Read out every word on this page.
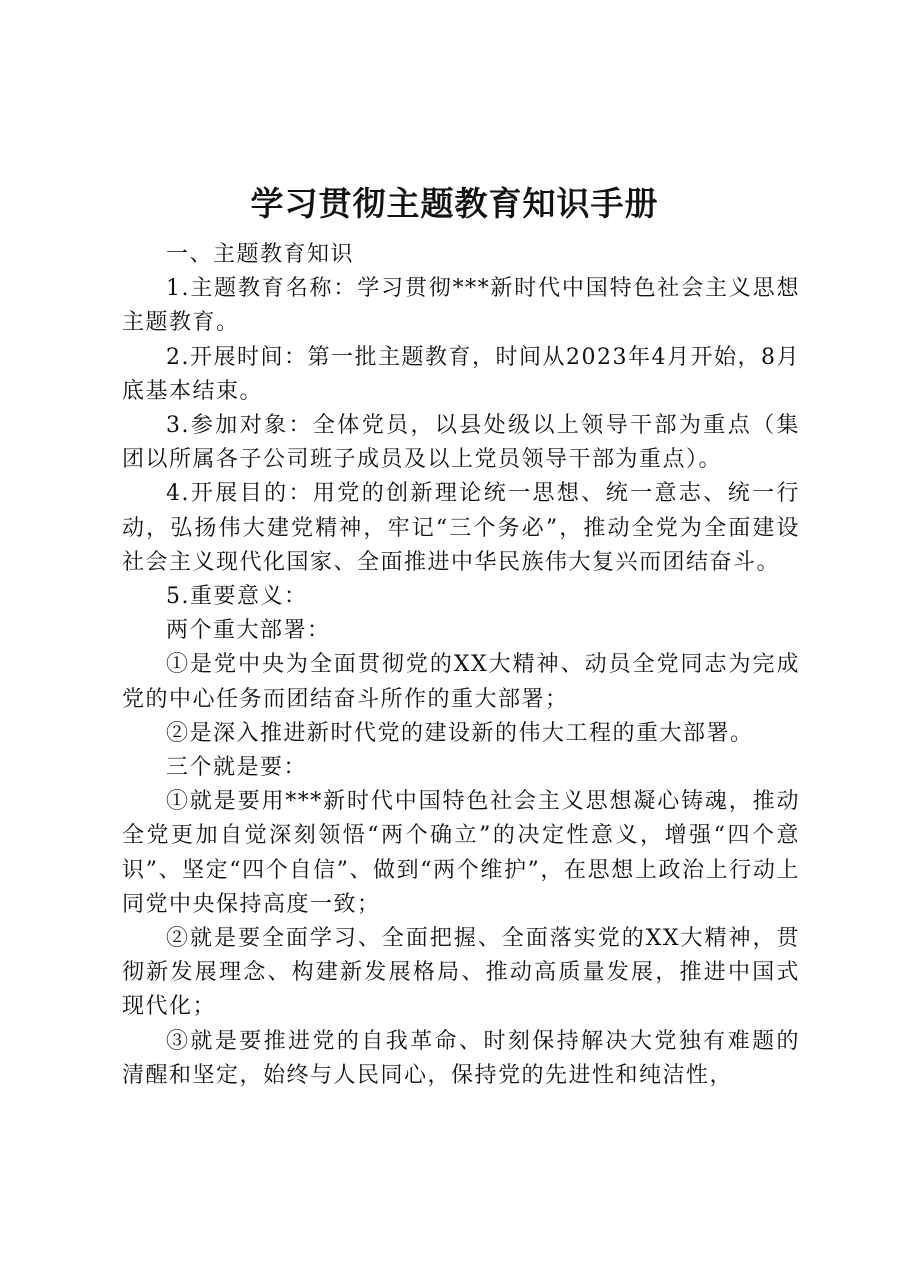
学习贯彻主题教育知识手册

一、主题教育知识

1.主题教育名称：学习贯彻***新时代中国特色社会主义思想主题教育。

2.开展时间：第一批主题教育，时间从2023年4月开始，8月底基本结束。

3.参加对象：全体党员，以县处级以上领导干部为重点（集团以所属各子公司班子成员及以上党员领导干部为重点）。

4.开展目的：用党的创新理论统一思想、统一意志、统一行动，弘扬伟大建党精神，牢记“三个务必”，推动全党为全面建设社会主义现代化国家、全面推进中华民族伟大复兴而团结奋斗。

5.重要意义：

两个重大部署：

①是党中央为全面贯彻党的XX大精神、动员全党同志为完成党的中心任务而团结奋斗所作的重大部署；

②是深入推进新时代党的建设新的伟大工程的重大部署。

三个就是要：

①就是要用***新时代中国特色社会主义思想凝心铸魂，推动全党更加自觉深刻领悟“两个确立”的决定性意义，增强“四个意识”、坚定“四个自信”、做到“两个维护”，在思想上政治上行动上同党中央保持高度一致；

②就是要全面学习、全面把握、全面落实党的XX大精神，贯彻新发展理念、构建新发展格局、推动高质量发展，推进中国式现代化；

③就是要推进党的自我革命、时刻保持解决大党独有难题的清醒和坚定，始终与人民同心，保持党的先进性和纯洁性，
